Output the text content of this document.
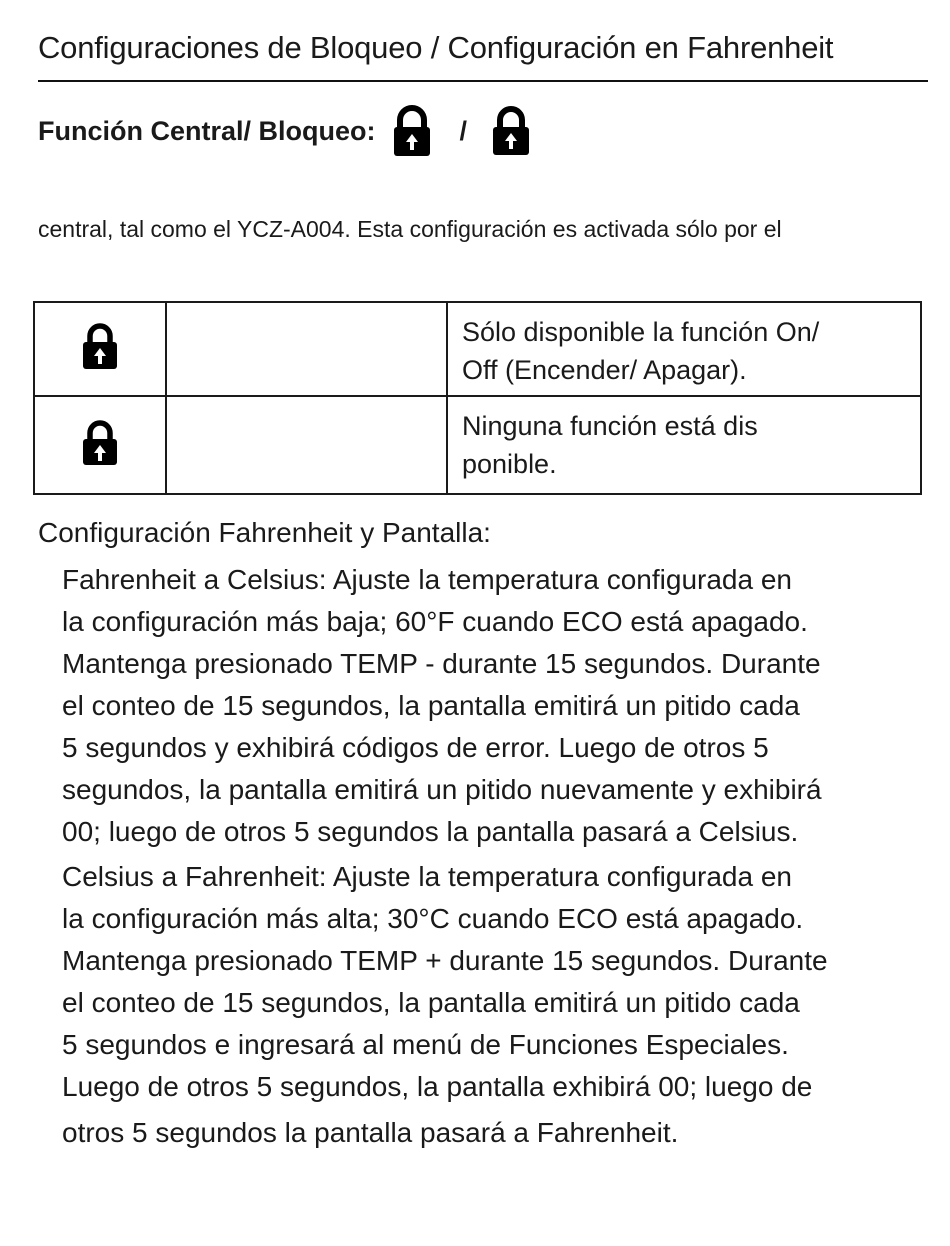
Configuraciones de Bloqueo / Configuración en Fahrenheit
Función Central/ Bloqueo:	/
central, tal como el YCZ-A004. Esta configuración es activada sólo por el

Sólo disponible la función On/
Off (Encender/ Apagar).

Ninguna función está dis
ponible.
Configuración Fahrenheit y Pantalla:
Fahrenheit a Celsius: Ajuste la temperatura configurada en
la configuración más baja; 60°F cuando ECO está apagado.
Mantenga presionado TEMP - durante 15 segundos. Durante
el conteo de 15 segundos, la pantalla emitirá un pitido cada
5 segundos y exhibirá códigos de error. Luego de otros 5
segundos, la pantalla emitirá un pitido nuevamente y exhibirá
00; luego de otros 5 segundos la pantalla pasará a Celsius.
Celsius a Fahrenheit: Ajuste la temperatura configurada en
la configuración más alta; 30°C cuando ECO está apagado.
Mantenga presionado TEMP + durante 15 segundos. Durante
el conteo de 15 segundos, la pantalla emitirá un pitido cada
5 segundos e ingresará al menú de Funciones Especiales.
Luego de otros 5 segundos, la pantalla exhibirá 00; luego de
otros 5 segundos la pantalla pasará a Fahrenheit.
